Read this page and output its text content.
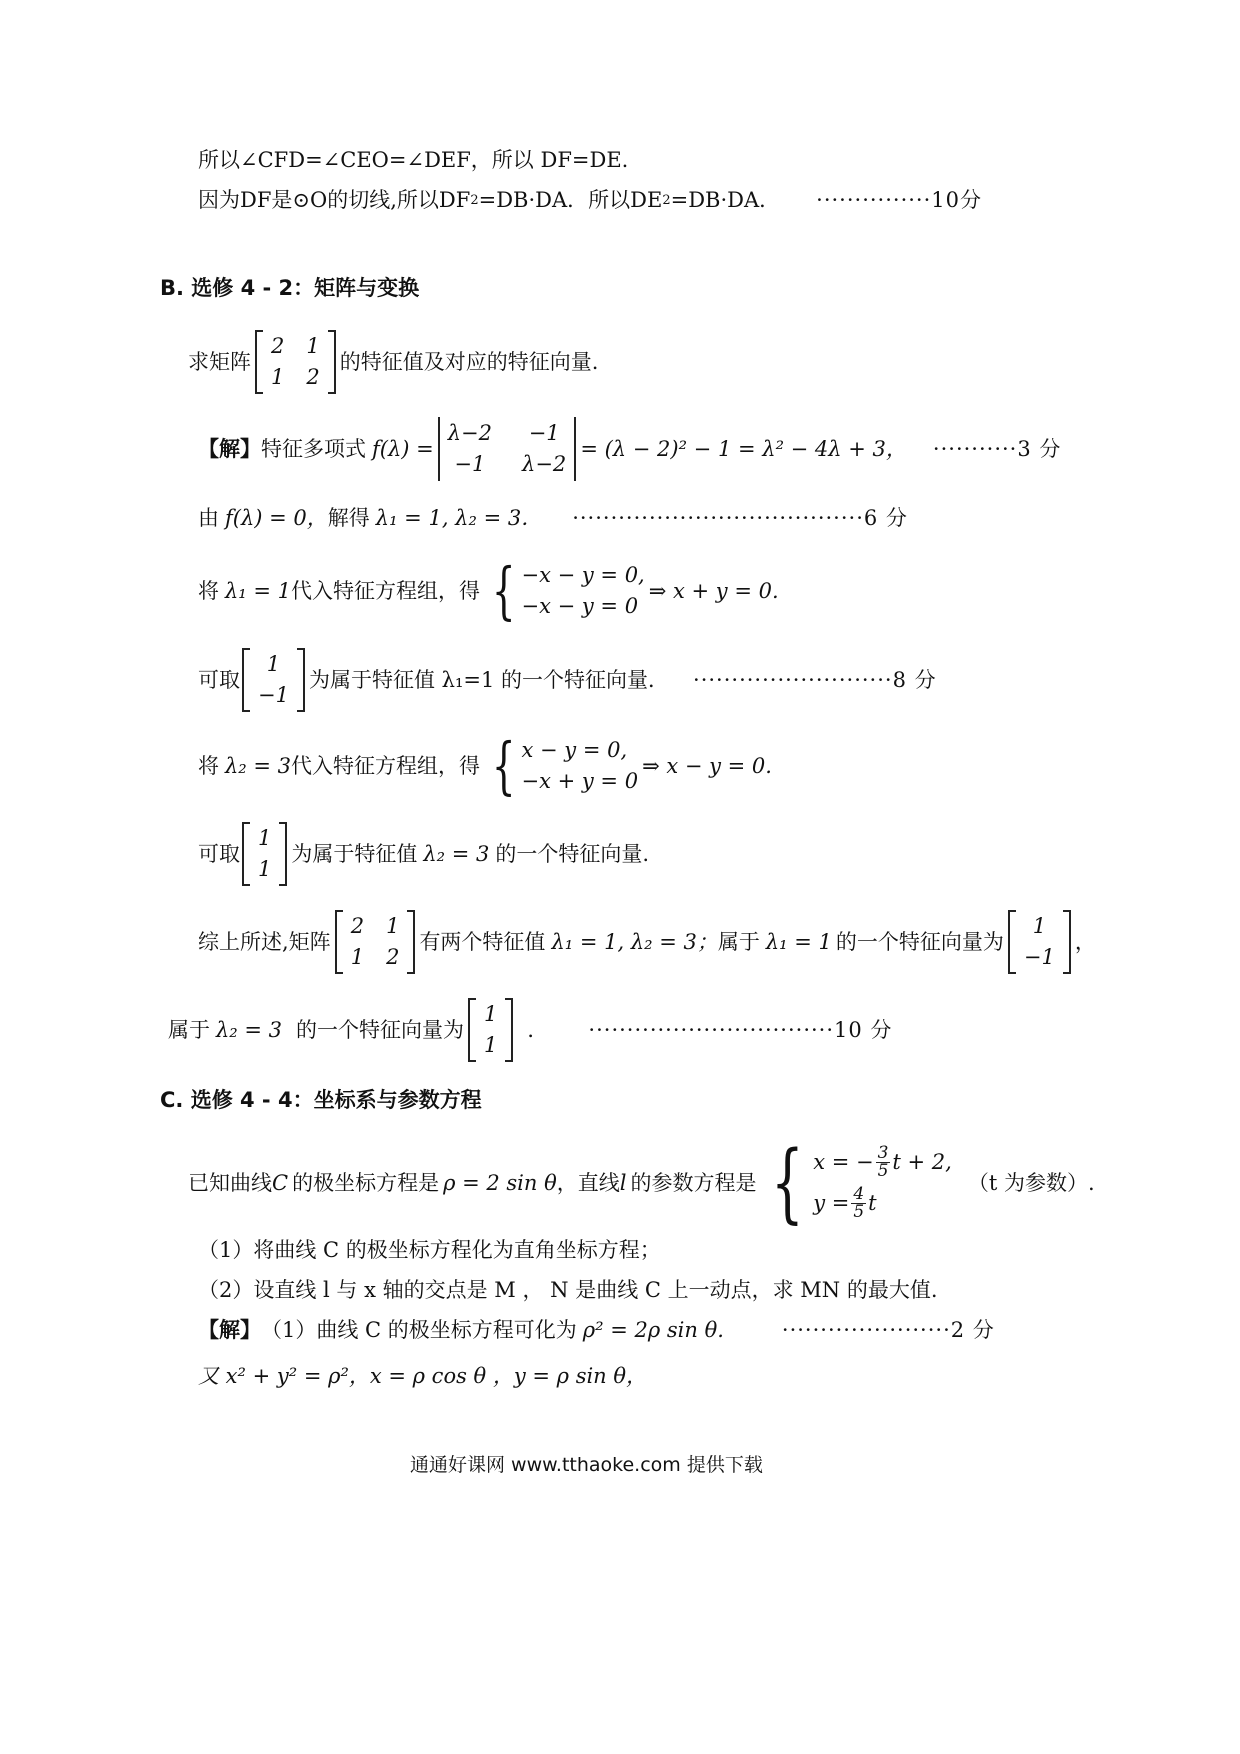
所以∠CFD=∠CEO=∠DEF，所以 DF=DE.
因为DF是⊙O的切线,所以DF 2 =DB·DA．所以DE 2 =DB·DA． ···············10分
B. 选修 4 - 2：矩阵与变换
求矩阵
2 1
1 2
的特征值及对应的特征向量.
【解】 特征多项式 f(λ) =
λ−2	−1
−1	λ−2
= (λ − 2)² − 1 = λ² − 4λ + 3， ···········3 分
由 f(λ) = 0， 解得 λ₁ = 1, λ₂ = 3． ······································6 分
将 λ₁ = 1 代入特征方程组，得 { −x − y = 0,
−x − y = 0
⇒ x + y = 0.
可取
1
−1
为属于特征值 λ₁=1 的一个特征向量． ··························8 分
将 λ₂ = 3 代入特征方程组，得 { x − y = 0,
−x + y = 0
⇒ x − y = 0.
可取
1
1
为属于特征值 λ₂ = 3 的一个特征向量.
综上所述,矩阵
2 1
1 2
有两个特征值 λ₁ = 1, λ₂ = 3； 属于 λ₁ = 1 的一个特征向量为
1
−1
，
属于 λ₂ = 3 的一个特征向量为
1
1
． ································10 分
C. 选修 4 - 4：坐标系与参数方程
已知曲线 C 的极坐标方程是 ρ = 2 sin θ ，直线 l 的参数方程是 { x = − $\frac{3}{5}$ t + 2,
$y = \frac{4}{5}$ t
（t 为参数）.
（1）将曲线 C 的极坐标方程化为直角坐标方程；
（2）设直线 l 与 x 轴的交点是 M ， N 是曲线 C 上一动点，求 MN 的最大值.
【解】 （1）曲线 C 的极坐标方程可化为 ρ² = 2ρ sin θ.	······················2 分
又 x² + y² = ρ²，x = ρ cos θ ，y = ρ sin θ，
通通好课网 www.tthaoke.com 提供下载
